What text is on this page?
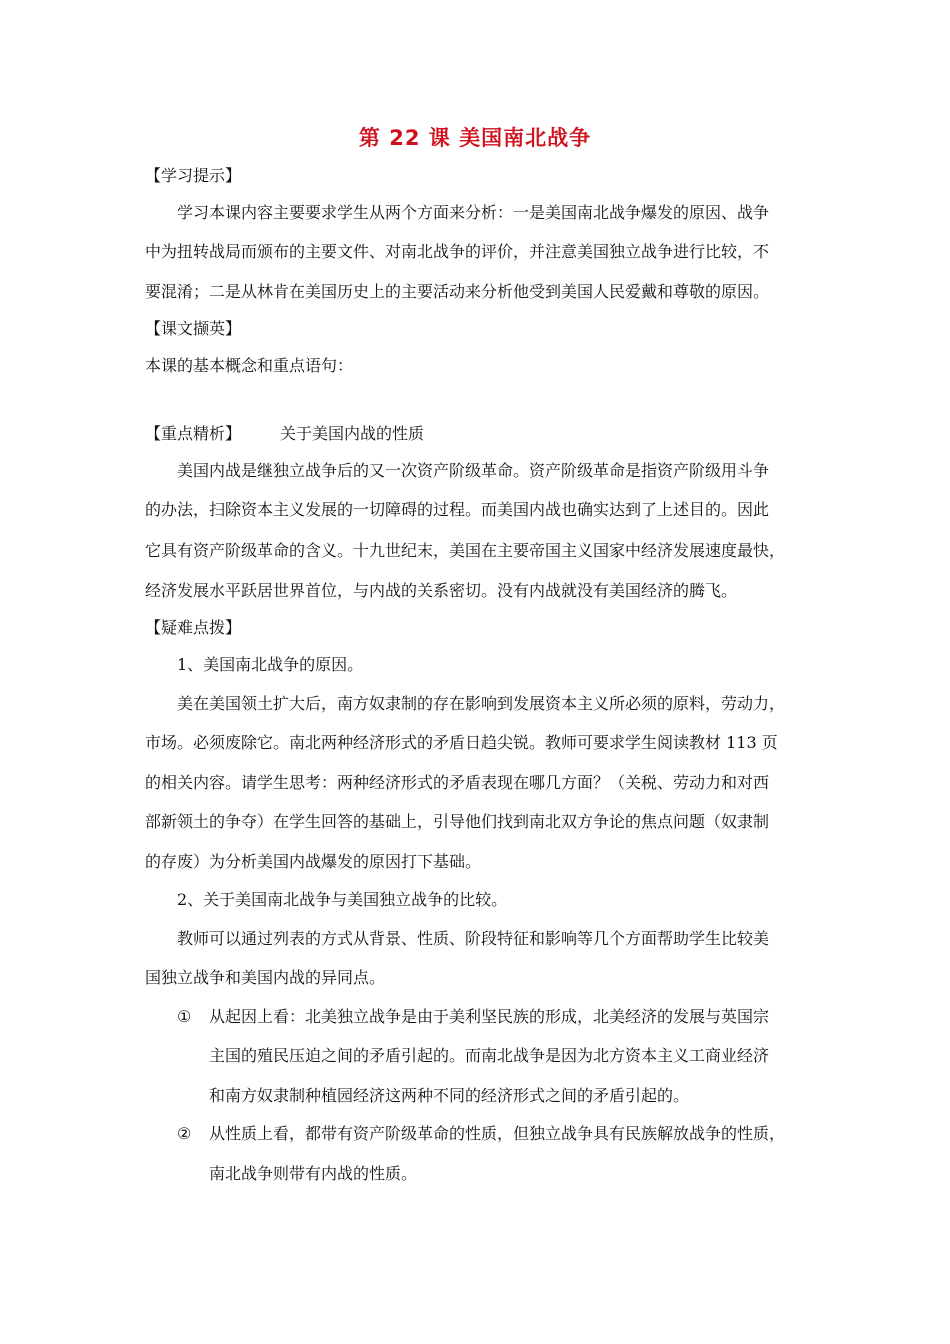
第 22 课 美国南北战争
【学习提示】
学习本课内容主要要求学生从两个方面来分析：一是美国南北战争爆发的原因、战争
中为扭转战局而颁布的主要文件、对南北战争的评价，并注意美国独立战争进行比较，不
要混淆；二是从林肯在美国历史上的主要活动来分析他受到美国人民爱戴和尊敬的原因。
【课文撷英】
本课的基本概念和重点语句：
【重点精析】 关于美国内战的性质
美国内战是继独立战争后的又一次资产阶级革命。资产阶级革命是指资产阶级用斗争
的办法，扫除资本主义发展的一切障碍的过程。而美国内战也确实达到了上述目的。因此
它具有资产阶级革命的含义。十九世纪末，美国在主要帝国主义国家中经济发展速度最快，
经济发展水平跃居世界首位，与内战的关系密切。没有内战就没有美国经济的腾飞。
【疑难点拨】
1、美国南北战争的原因。
美在美国领土扩大后，南方奴隶制的存在影响到发展资本主义所必须的原料，劳动力，
市场。必须废除它。南北两种经济形式的矛盾日趋尖锐。教师可要求学生阅读教材 113 页
的相关内容。请学生思考：两种经济形式的矛盾表现在哪几方面？（关税、劳动力和对西
部新领土的争夺）在学生回答的基础上，引导他们找到南北双方争论的焦点问题（奴隶制
的存废）为分析美国内战爆发的原因打下基础。
2、关于美国南北战争与美国独立战争的比较。
教师可以通过列表的方式从背景、性质、阶段特征和影响等几个方面帮助学生比较美
国独立战争和美国内战的异同点。
① 从起因上看：北美独立战争是由于美利坚民族的形成，北美经济的发展与英国宗
主国的殖民压迫之间的矛盾引起的。而南北战争是因为北方资本主义工商业经济
和南方奴隶制种植园经济这两种不同的经济形式之间的矛盾引起的。
② 从性质上看，都带有资产阶级革命的性质，但独立战争具有民族解放战争的性质，
南北战争则带有内战的性质。
